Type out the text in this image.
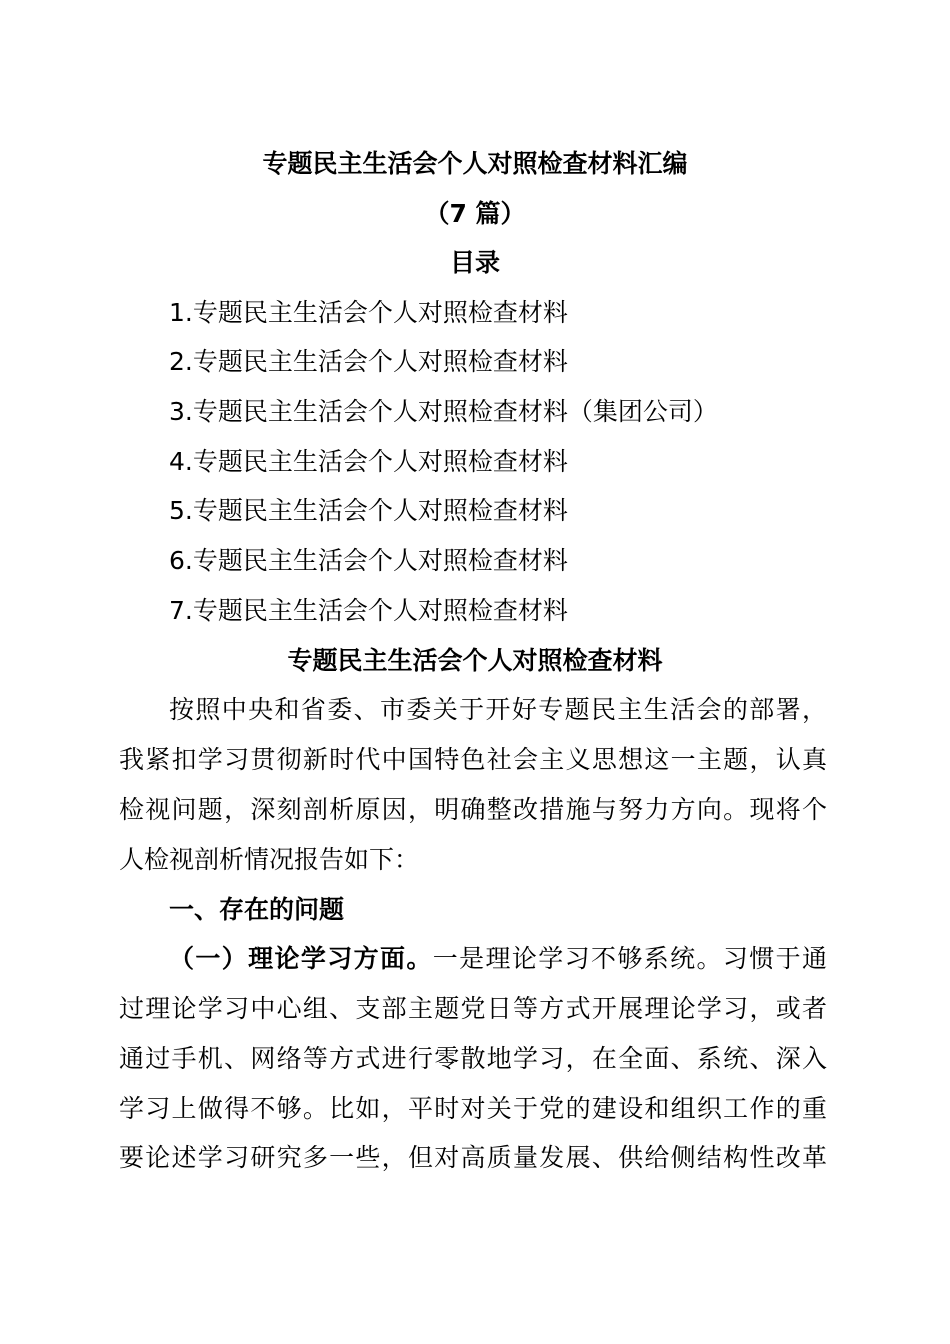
专题民主生活会个人对照检查材料汇编
（7 篇）
目录
1.专题民主生活会个人对照检查材料
2.专题民主生活会个人对照检查材料
3.专题民主生活会个人对照检查材料（集团公司）
4.专题民主生活会个人对照检查材料
5.专题民主生活会个人对照检查材料
6.专题民主生活会个人对照检查材料
7.专题民主生活会个人对照检查材料
专题民主生活会个人对照检查材料
按照中央和省委、市委关于开好专题民主生活会的部署，
我紧扣学习贯彻新时代中国特色社会主义思想这一主题，认真
检视问题，深刻剖析原因，明确整改措施与努力方向。现将个
人检视剖析情况报告如下：
一、存在的问题
（一）理论学习方面。一是理论学习不够系统。习惯于通
过理论学习中心组、支部主题党日等方式开展理论学习，或者
通过手机、网络等方式进行零散地学习，在全面、系统、深入
学习上做得不够。比如，平时对关于党的建设和组织工作的重
要论述学习研究多一些，但对高质量发展、供给侧结构性改革
